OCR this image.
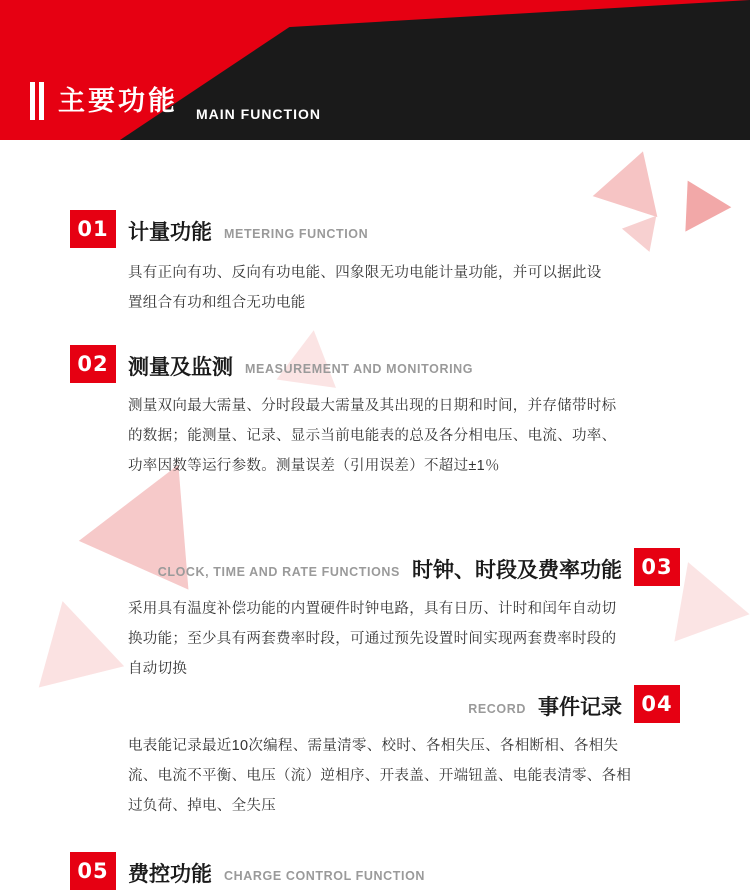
主要功能 MAIN FUNCTION
01 计量功能 METERING FUNCTION
具有正向有功、反向有功电能、四象限无功电能计量功能，并可以据此设置组合有功和组合无功电能
02 测量及监测 MEASUREMENT AND MONITORING
测量双向最大需量、分时段最大需量及其出现的日期和时间，并存储带时标的数据；能测量、记录、显示当前电能表的总及各分相电压、电流、功率、功率因数等运行参数。测量误差（引用误差）不超过±1％
CLOCK, TIME AND RATE FUNCTIONS 时钟、时段及费率功能 03
采用具有温度补偿功能的内置硬件时钟电路，具有日历、计时和闰年自动切换功能；至少具有两套费率时段，可通过预先设置时间实现两套费率时段的自动切换
RECORD 事件记录 04
电表能记录最近10次编程、需量清零、校时、各相失压、各相断相、各相失流、电流不平衡、电压（流）逆相序、开表盖、开端钮盖、电能表清零、各相过负荷、掉电、全失压
05 费控功能 CHARGE CONTROL FUNCTION
